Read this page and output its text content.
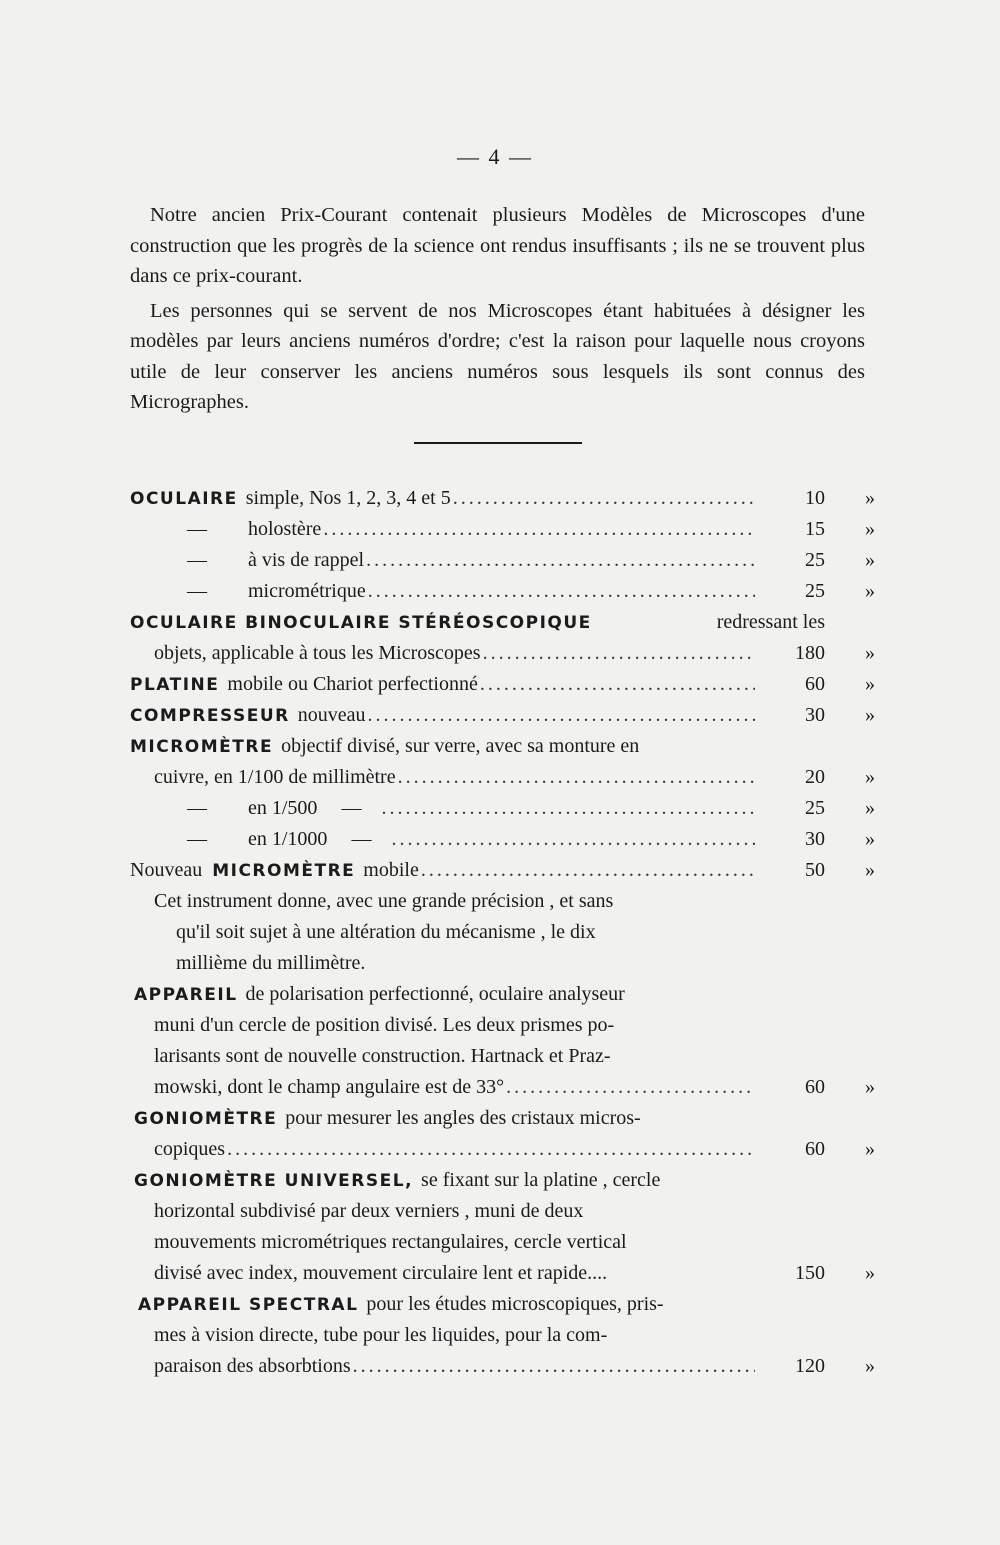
— 4 —

Notre ancien Prix-Courant contenait plusieurs Modèles de Microscopes d'une construction que les progrès de la science ont rendus insuffisants ; ils ne se trouvent plus dans ce prix-courant.

Les personnes qui se servent de nos Microscopes étant habituées à désigner les modèles par leurs anciens numéros d'ordre; c'est la raison pour laquelle nous croyons utile de leur conserver les anciens numéros sous lesquels ils sont connus des Micrographes.

OCULAIRE simple, Nos 1, 2, 3, 4 et 5 .....	10	»
—	holostère .....	15	»
—	à vis de rappel .....	25	»
—	micrométrique .....	25	»
OCULAIRE BINOCULAIRE STÉRÉOSCOPIQUE	redressant les
objets, applicable à tous les Microscopes .....	180	»
PLATINE mobile ou Chariot perfectionné .....	60	»
COMPRESSEUR nouveau .....	30	»
MICROMÈTRE objectif divisé, sur verre, avec sa monture en
cuivre, en 1/100 de millimètre .....	20	»
—	en 1/500	— .....	25	»
—	en 1/1000	— .....	30	»
Nouveau MICROMÈTRE mobile .....	50	»
Cet instrument donne, avec une grande précision , et sans
qu'il soit sujet à une altération du mécanisme , le dix
millième du millimètre.
APPAREIL de polarisation perfectionné, oculaire analyseur
muni d'un cercle de position divisé. Les deux prismes po-
larisants sont de nouvelle construction. Hartnack et Praz-
mowski, dont le champ angulaire est de 33° .....	60	»
GONIOMÈTRE pour mesurer les angles des cristaux micros-
copiques .....	60	»
GONIOMÈTRE UNIVERSEL, se fixant sur la platine , cercle
horizontal subdivisé par deux verniers , muni de deux
mouvements micrométriques rectangulaires, cercle vertical
divisé avec index, mouvement circulaire lent et rapide....	150	»
APPAREIL SPECTRAL pour les études microscopiques, pris-
mes à vision directe, tube pour les liquides, pour la com-
paraison des absorbtions .....	120	»
